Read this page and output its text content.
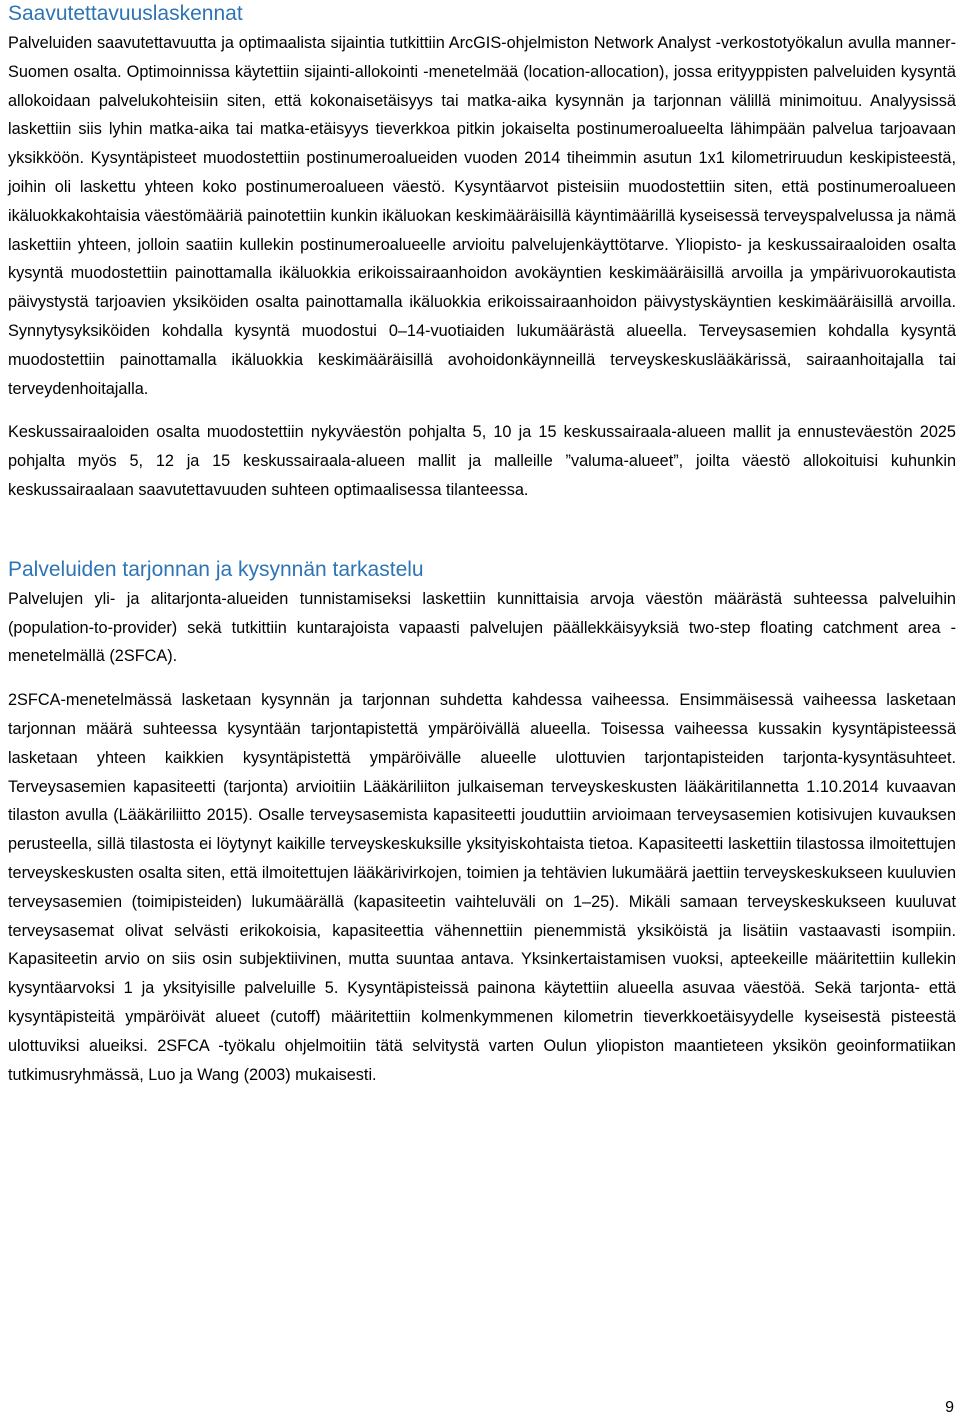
Saavutettavuuslaskennat

Palveluiden saavutettavuutta ja optimaalista sijaintia tutkittiin ArcGIS-ohjelmiston Network Analyst -verkostotyökalun avulla manner-Suomen osalta. Optimoinnissa käytettiin sijainti-allokointi -menetelmää (location-allocation), jossa erityyppisten palveluiden kysyntä allokoidaan palvelukohteisiin siten, että kokonaisetäisyys tai matka-aika kysynnän ja tarjonnan välillä minimoituu. Analyysissä laskettiin siis lyhin matka-aika tai matka-etäisyys tieverkkoa pitkin jokaiselta postinumeroalueelta lähimpään palvelua tarjoavaan yksikköön. Kysyntäpisteet muodostettiin postinumeroalueiden vuoden 2014 tiheimmin asutun 1x1 kilometriruudun keskipisteestä, joihin oli laskettu yhteen koko postinumeroalueen väestö. Kysyntäarvot pisteisiin muodostettiin siten, että postinumeroalueen ikäluokkakohtaisia väestömääriä painotettiin kunkin ikäluokan keskimääräisillä käyntimäärillä kyseisessä terveyspalvelussa ja nämä laskettiin yhteen, jolloin saatiin kullekin postinumeroalueelle arvioitu palvelujenkäyttötarve. Yliopisto- ja keskussairaaloiden osalta kysyntä muodostettiin painottamalla ikäluokkia erikoissairaanhoidon avokäyntien keskimääräisillä arvoilla ja ympärivuorokautista päivystystä tarjoavien yksiköiden osalta painottamalla ikäluokkia erikoissairaanhoidon päivystyskäyntien keskimääräisillä arvoilla. Synnytysyksiköiden kohdalla kysyntä muodostui 0–14-vuotiaiden lukumäärästä alueella. Terveysasemien kohdalla kysyntä muodostettiin painottamalla ikäluokkia keskimääräisillä avohoidonkäynneillä terveyskeskuslääkärissä, sairaanhoitajalla tai terveydenhoitajalla.

Keskussairaaloiden osalta muodostettiin nykyväestön pohjalta 5, 10 ja 15 keskussairaala-alueen mallit ja ennusteväestön 2025 pohjalta myös 5, 12 ja 15 keskussairaala-alueen mallit ja malleille ”valuma-alueet”, joilta väestö allokoituisi kuhunkin keskussairaalaan saavutettavuuden suhteen optimaalisessa tilanteessa.

Palveluiden tarjonnan ja kysynnän tarkastelu

Palvelujen yli- ja alitarjonta-alueiden tunnistamiseksi laskettiin kunnittaisia arvoja väestön määrästä suhteessa palveluihin (population-to-provider) sekä tutkittiin kuntarajoista vapaasti palvelujen päällekkäisyyksiä two-step floating catchment area -menetelmällä (2SFCA).

2SFCA-menetelmässä lasketaan kysynnän ja tarjonnan suhdetta kahdessa vaiheessa. Ensimmäisessä vaiheessa lasketaan tarjonnan määrä suhteessa kysyntään tarjontapistettä ympäröivällä alueella. Toisessa vaiheessa kussakin kysyntäpisteessä lasketaan yhteen kaikkien kysyntäpistettä ympäröivälle alueelle ulottuvien tarjontapisteiden tarjonta-kysyntäsuhteet. Terveysasemien kapasiteetti (tarjonta) arvioitiin Lääkäriliiton julkaiseman terveyskeskusten lääkäritilannetta 1.10.2014 kuvaavan tilaston avulla (Lääkäriliitto 2015). Osalle terveysasemista kapasiteetti jouduttiin arvioimaan terveysasemien kotisivujen kuvauksen perusteella, sillä tilastosta ei löytynyt kaikille terveyskeskuksille yksityiskohtaista tietoa. Kapasiteetti laskettiin tilastossa ilmoitettujen terveyskeskusten osalta siten, että ilmoitettujen lääkärivirkojen, toimien ja tehtävien lukumäärä jaettiin terveyskeskukseen kuuluvien terveysasemien (toimipisteiden) lukumäärällä (kapasiteetin vaihteluväli on 1–25). Mikäli samaan terveyskeskukseen kuuluvat terveysasemat olivat selvästi erikokoisia, kapasiteettia vähennettiin pienemmistä yksiköistä ja lisätiin vastaavasti isompiin. Kapasiteetin arvio on siis osin subjektiivinen, mutta suuntaa antava. Yksinkertaistamisen vuoksi, apteekeille määritettiin kullekin kysyntäarvoksi 1 ja yksityisille palveluille 5. Kysyntäpisteissä painona käytettiin alueella asuvaa väestöä. Sekä tarjonta- että kysyntäpisteitä ympäröivät alueet (cutoff) määritettiin kolmenkymmenen kilometrin tieverkkoetäisyydelle kyseisestä pisteestä ulottuviksi alueiksi. 2SFCA -työkalu ohjelmoitiin tätä selvitystä varten Oulun yliopiston maantieteen yksikön geoinformatiikan tutkimusryhmässä, Luo ja Wang (2003) mukaisesti.

9
